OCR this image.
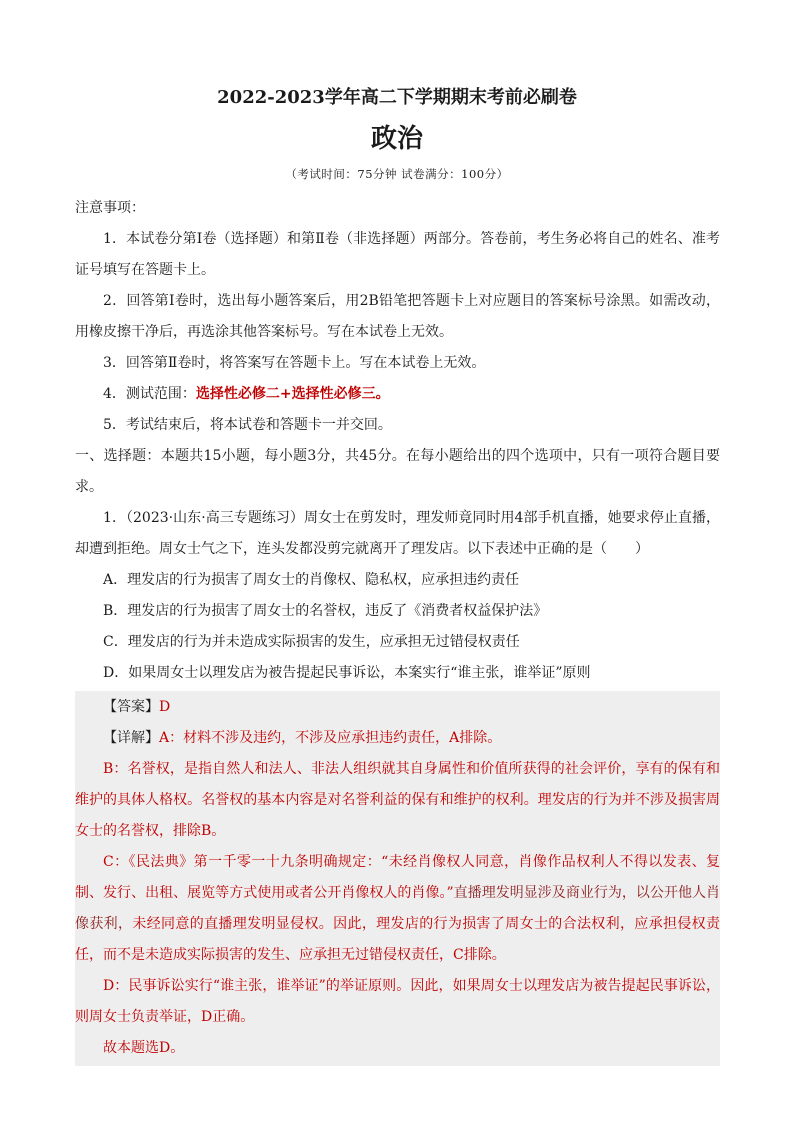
2022-2023学年高二下学期期末考前必刷卷
政治
（考试时间：75分钟 试卷满分：100分）
注意事项：

1．本试卷分第Ⅰ卷（选择题）和第Ⅱ卷（非选择题）两部分。答卷前，考生务必将自己的姓名、准考证号填写在答题卡上。

2．回答第Ⅰ卷时，选出每小题答案后，用2B铅笔把答题卡上对应题目的答案标号涂黑。如需改动，用橡皮擦干净后，再选涂其他答案标号。写在本试卷上无效。

3．回答第Ⅱ卷时，将答案写在答题卡上。写在本试卷上无效。

4．测试范围：选择性必修二+选择性必修三。

5．考试结束后，将本试卷和答题卡一并交回。

一、选择题：本题共15小题，每小题3分，共45分。在每小题给出的四个选项中，只有一项符合题目要求。

1．（2023·山东·高三专题练习）周女士在剪发时，理发师竟同时用4部手机直播，她要求停止直播，却遭到拒绝。周女士气之下，连头发都没剪完就离开了理发店。以下表述中正确的是（　　）

A．理发店的行为损害了周女士的肖像权、隐私权，应承担违约责任

B．理发店的行为损害了周女士的名誉权，违反了《消费者权益保护法》

C．理发店的行为并未造成实际损害的发生，应承担无过错侵权责任

D．如果周女士以理发店为被告提起民事诉讼，本案实行“谁主张，谁举证”原则

【答案】D

【详解】A：材料不涉及违约，不涉及应承担违约责任，A排除。

B：名誉权，是指自然人和法人、非法人组织就其自身属性和价值所获得的社会评价，享有的保有和维护的具体人格权。名誉权的基本内容是对名誉利益的保有和维护的权利。理发店的行为并不涉及损害周女士的名誉权，排除B。

C：《民法典》第一千零一十九条明确规定：“未经肖像权人同意，肖像作品权利人不得以发表、复制、发行、出租、展览等方式使用或者公开肖像权人的肖像。”直播理发明显涉及商业行为，以公开他人肖像获利，未经同意的直播理发明显侵权。因此，理发店的行为损害了周女士的合法权利，应承担侵权责任，而不是未造成实际损害的发生、应承担无过错侵权责任，C排除。

D：民事诉讼实行“谁主张，谁举证”的举证原则。因此，如果周女士以理发店为被告提起民事诉讼，则周女士负责举证，D正确。

故本题选D。
